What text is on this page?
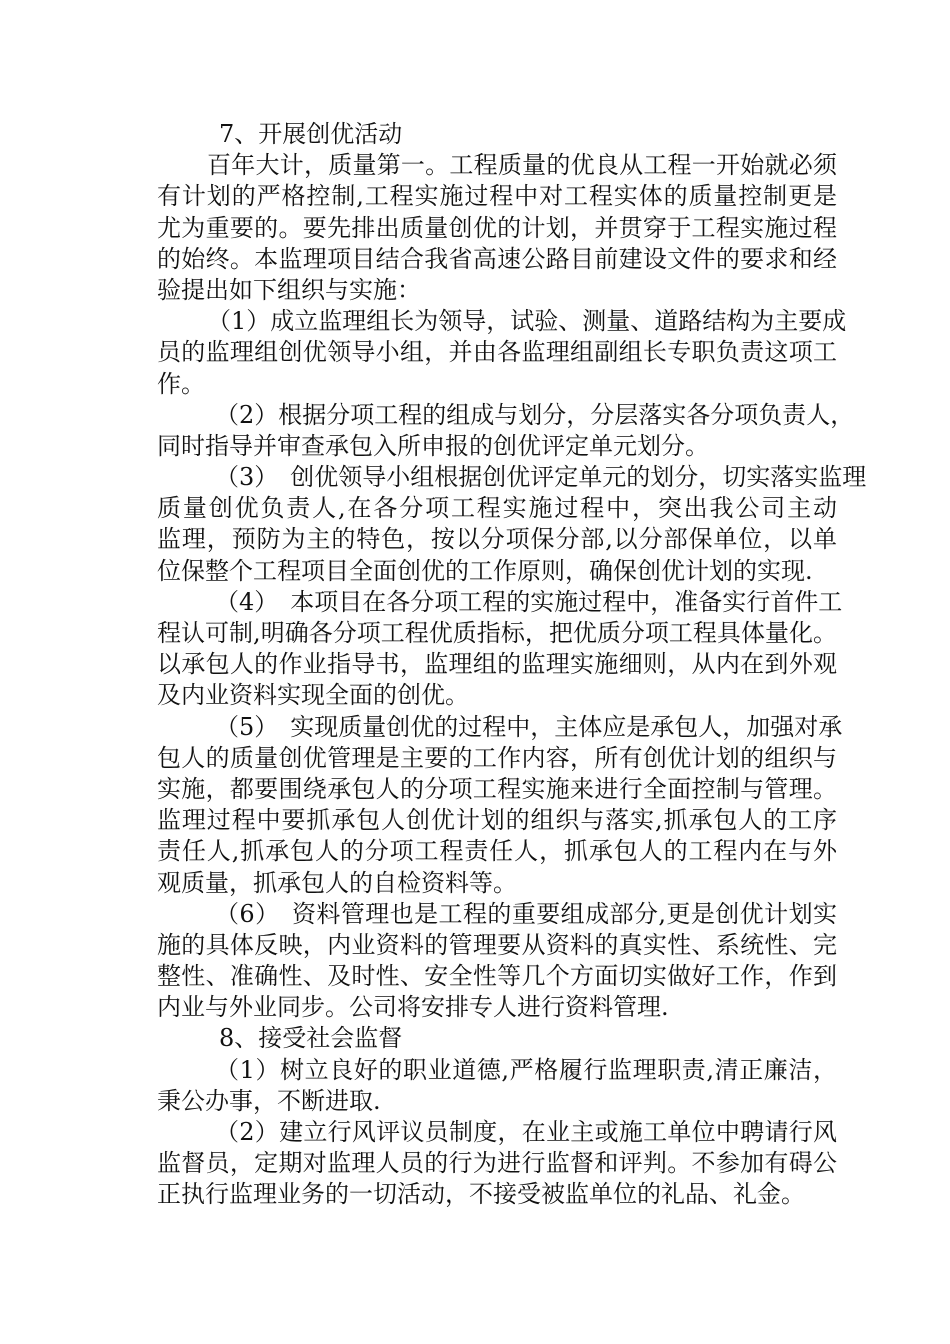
7、开展创优活动

百年大计，质量第一。工程质量的优良从工程一开始就必须

有计划的严格控制,工程实施过程中对工程实体的质量控制更是

尤为重要的。要先排出质量创优的计划，并贯穿于工程实施过程

的始终。本监理项目结合我省高速公路目前建设文件的要求和经

验提出如下组织与实施：

（1）成立监理组长为领导，试验、测量、道路结构为主要成

员的监理组创优领导小组，并由各监理组副组长专职负责这项工

作。

（2）根据分项工程的组成与划分，分层落实各分项负责人，

同时指导并审查承包入所申报的创优评定单元划分。

（3）　创优领导小组根据创优评定单元的划分，切实落实监理

质量创优负责人,在各分项工程实施过程中，突出我公司主动

监理，预防为主的特色，按以分项保分部,以分部保单位，以单

位保整个工程项目全面创优的工作原则，确保创优计划的实现.

（4）　本项目在各分项工程的实施过程中，准备实行首件工

程认可制,明确各分项工程优质指标，把优质分项工程具体量化。

以承包人的作业指导书，监理组的监理实施细则，从内在到外观

及内业资料实现全面的创优。

（5）　实现质量创优的过程中，主体应是承包人，加强对承

包人的质量创优管理是主要的工作内容，所有创优计划的组织与

实施，都要围绕承包人的分项工程实施来进行全面控制与管理。

监理过程中要抓承包人创优计划的组织与落实,抓承包人的工序

责任人,抓承包人的分项工程责任人，抓承包人的工程内在与外

观质量，抓承包人的自检资料等。

（6）　资料管理也是工程的重要组成部分,更是创优计划实

施的具体反映，内业资料的管理要从资料的真实性、系统性、完

整性、准确性、及时性、安全性等几个方面切实做好工作，作到

内业与外业同步。公司将安排专人进行资料管理.

8、接受社会监督

（1）树立良好的职业道德,严格履行监理职责,清正廉洁，

秉公办事，不断进取.

（2）建立行风评议员制度，在业主或施工单位中聘请行风

监督员，定期对监理人员的行为进行监督和评判。不参加有碍公

正执行监理业务的一切活动，不接受被监单位的礼品、礼金。
